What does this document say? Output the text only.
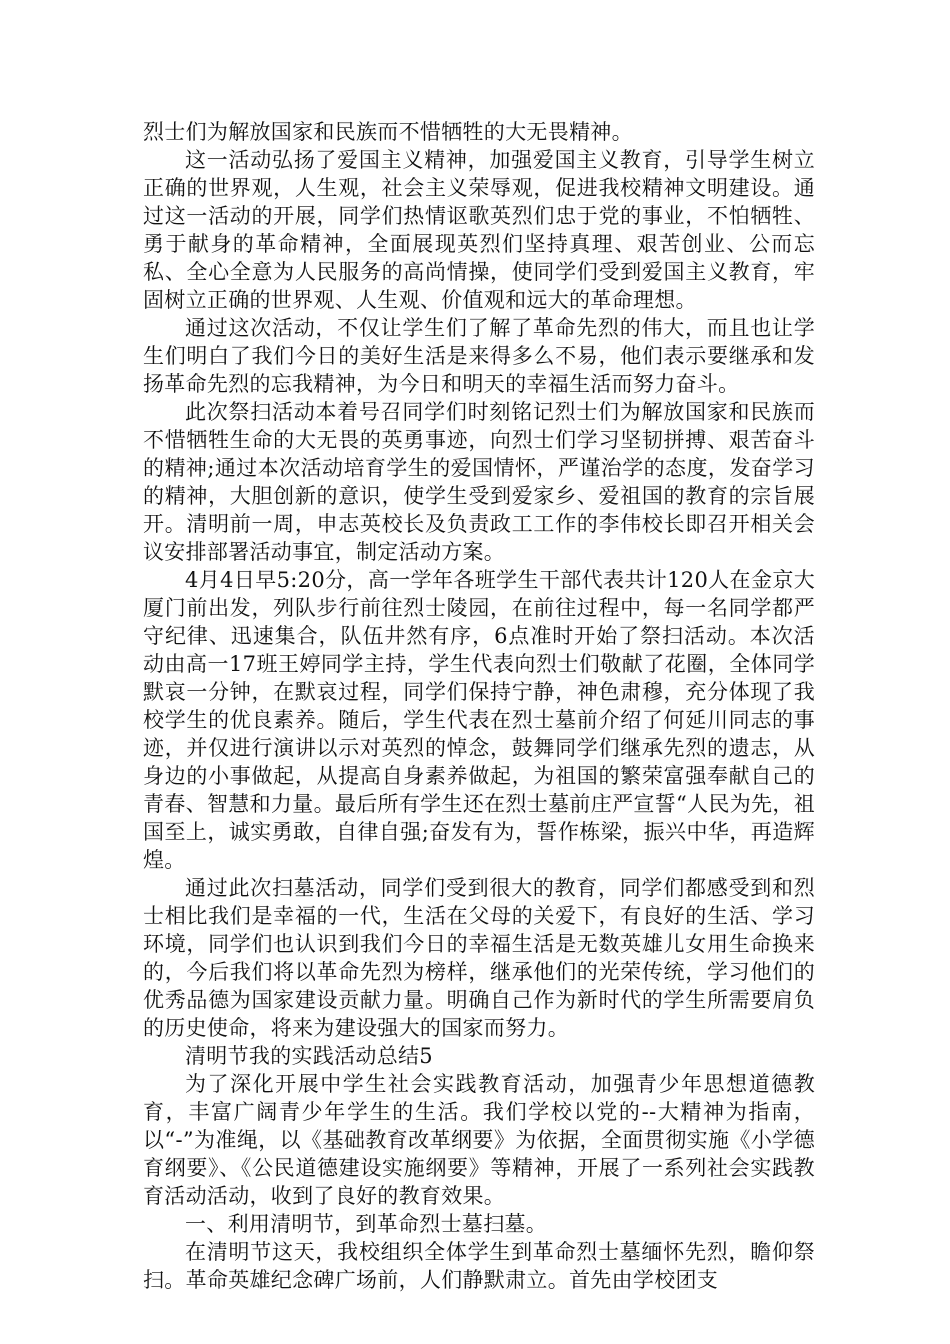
烈士们为解放国家和民族而不惜牺牲的大无畏精神。

这一活动弘扬了爱国主义精神，加强爱国主义教育，引导学生树立正确的世界观，人生观，社会主义荣辱观，促进我校精神文明建设。通过这一活动的开展，同学们热情讴歌英烈们忠于党的事业，不怕牺牲、勇于献身的革命精神，全面展现英烈们坚持真理、艰苦创业、公而忘私、全心全意为人民服务的高尚情操，使同学们受到爱国主义教育，牢固树立正确的世界观、人生观、价值观和远大的革命理想。

通过这次活动，不仅让学生们了解了革命先烈的伟大，而且也让学生们明白了我们今日的美好生活是来得多么不易，他们表示要继承和发扬革命先烈的忘我精神，为今日和明天的幸福生活而努力奋斗。

此次祭扫活动本着号召同学们时刻铭记烈士们为解放国家和民族而不惜牺牲生命的大无畏的英勇事迹，向烈士们学习坚韧拼搏、艰苦奋斗的精神;通过本次活动培育学生的爱国情怀，严谨治学的态度，发奋学习的精神，大胆创新的意识，使学生受到爱家乡、爱祖国的教育的宗旨展开。清明前一周，申志英校长及负责政工工作的李伟校长即召开相关会议安排部署活动事宜，制定活动方案。

4月4日早5:20分，高一学年各班学生干部代表共计120人在金京大厦门前出发，列队步行前往烈士陵园，在前往过程中，每一名同学都严守纪律、迅速集合，队伍井然有序，6点准时开始了祭扫活动。本次活动由高一17班王婷同学主持，学生代表向烈士们敬献了花圈，全体同学默哀一分钟，在默哀过程，同学们保持宁静，神色肃穆，充分体现了我校学生的优良素养。随后，学生代表在烈士墓前介绍了何延川同志的事迹，并仅进行演讲以示对英烈的悼念，鼓舞同学们继承先烈的遗志，从身边的小事做起，从提高自身素养做起，为祖国的繁荣富强奉献自己的青春、智慧和力量。最后所有学生还在烈士墓前庄严宣誓“人民为先，祖国至上，诚实勇敢，自律自强;奋发有为，誓作栋梁，振兴中华，再造辉煌。

通过此次扫墓活动，同学们受到很大的教育，同学们都感受到和烈士相比我们是幸福的一代，生活在父母的关爱下，有良好的生活、学习环境，同学们也认识到我们今日的幸福生活是无数英雄儿女用生命换来的，今后我们将以革命先烈为榜样，继承他们的光荣传统，学习他们的优秀品德为国家建设贡献力量。明确自己作为新时代的学生所需要肩负的历史使命，将来为建设强大的国家而努力。

清明节我的实践活动总结5

为了深化开展中学生社会实践教育活动，加强青少年思想道德教育，丰富广阔青少年学生的生活。我们学校以党的--大精神为指南，以“-”为准绳，以《基础教育改革纲要》为依据，全面贯彻实施《小学德育纲要》、《公民道德建设实施纲要》等精神，开展了一系列社会实践教育活动活动，收到了良好的教育效果。

一、利用清明节，到革命烈士墓扫墓。

在清明节这天，我校组织全体学生到革命烈士墓缅怀先烈，瞻仰祭扫。革命英雄纪念碑广场前，人们静默肃立。首先由学校团支
